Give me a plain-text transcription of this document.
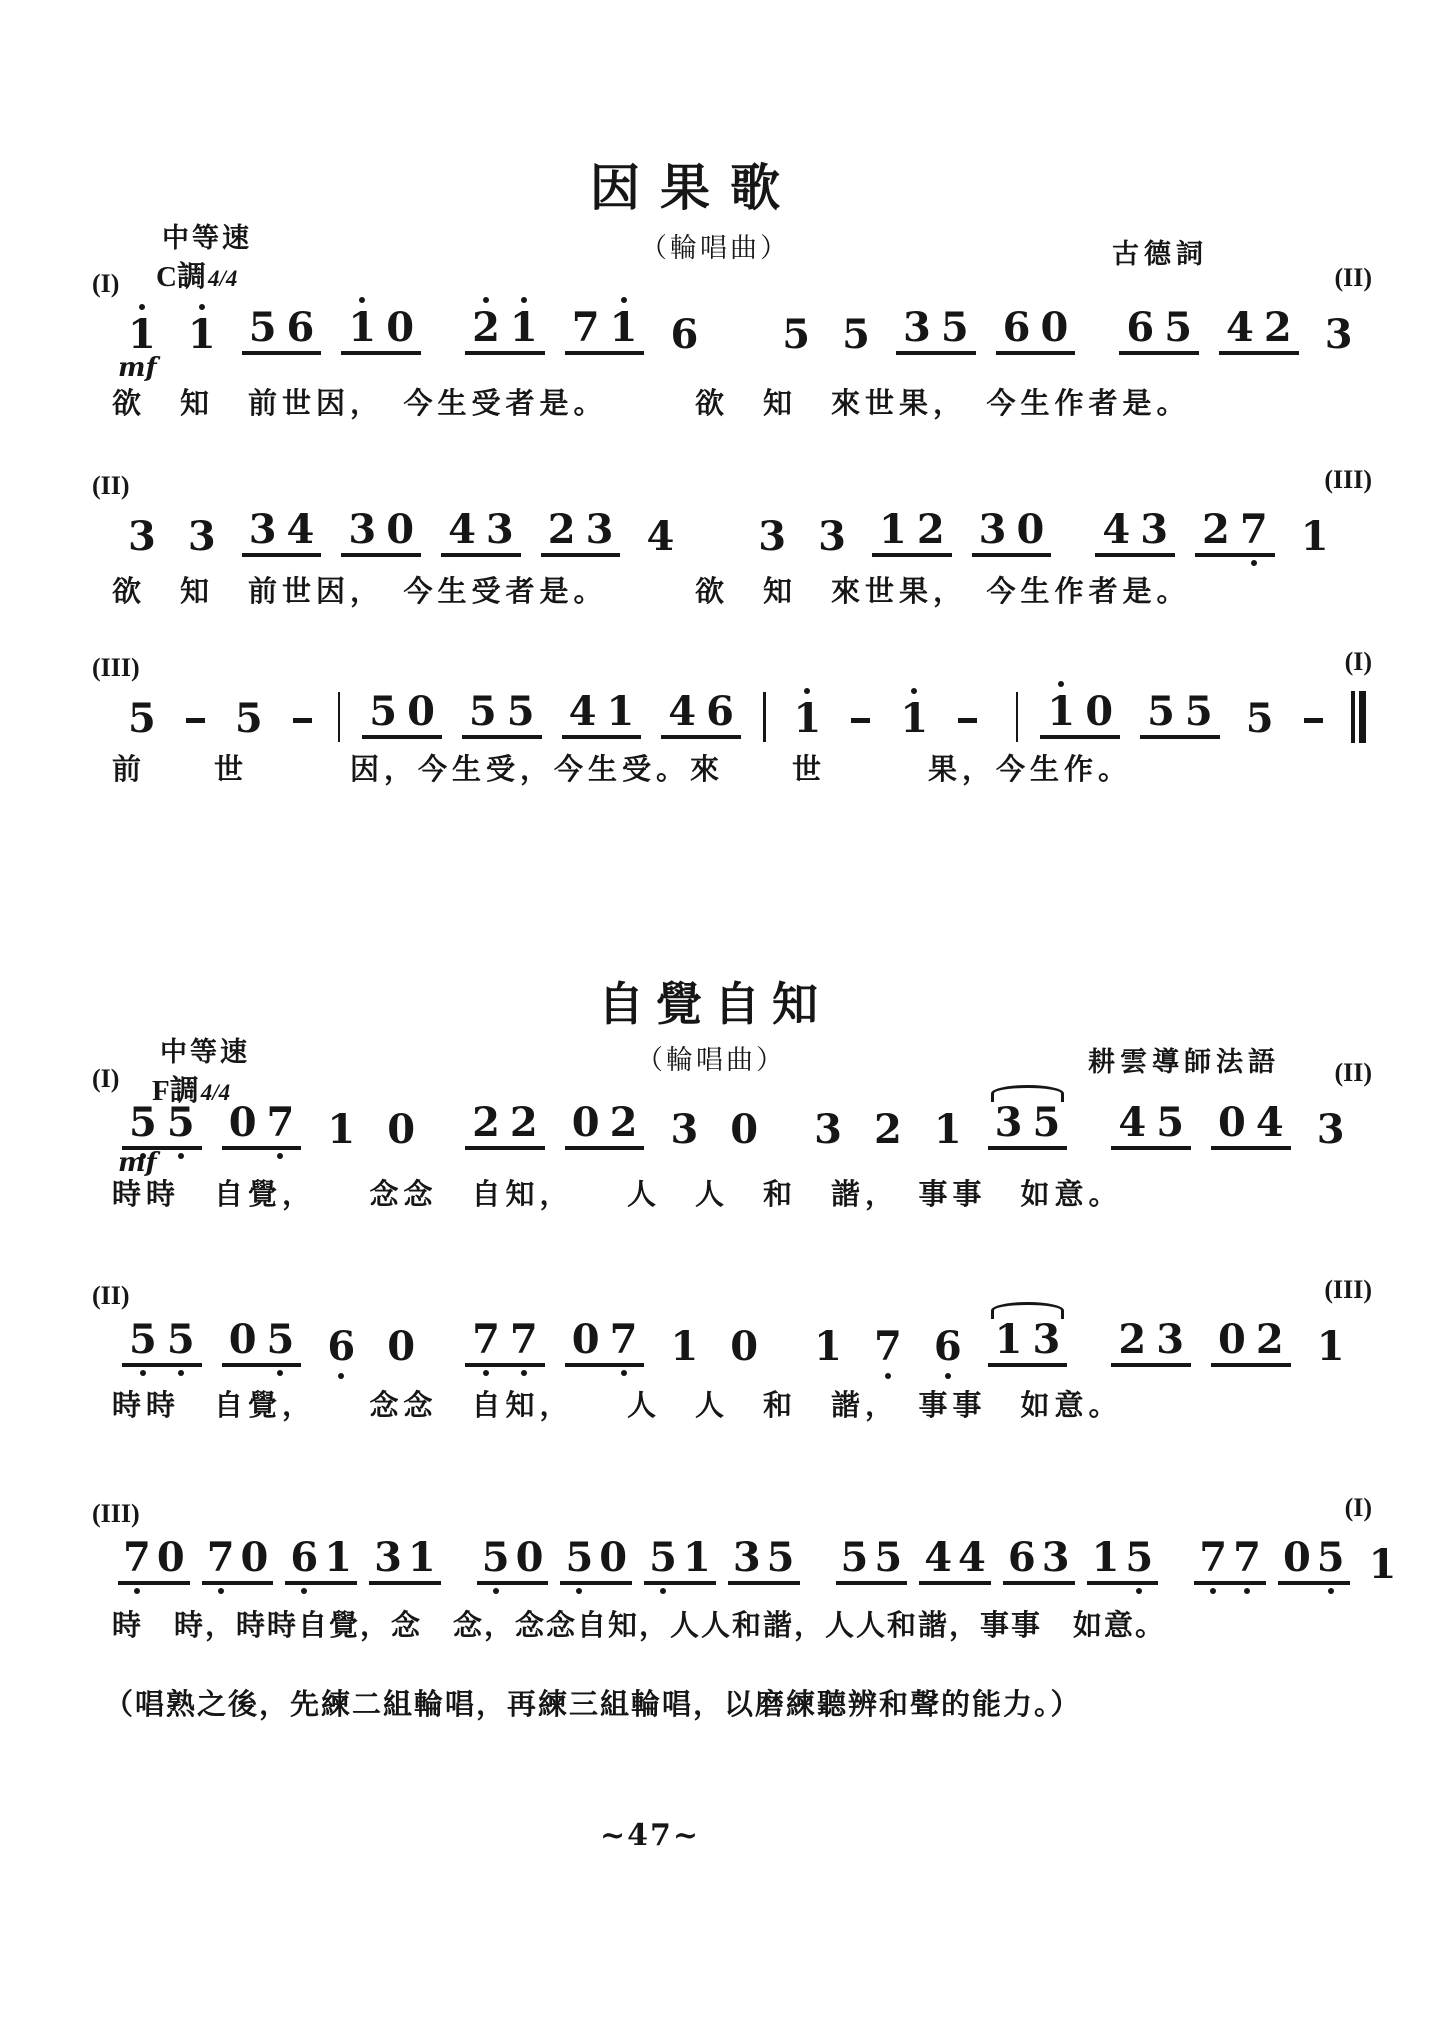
因果歌
（輪唱曲）	古德詞
中等速
C調4/4
(I)	(II)
1 1 5 6 1 0 2 1 7 1 6 5 5 3 5 6 0 6 5 4 2 3
mf
欲　知　前世因，　今生受者是。　　　欲　知　來世果，　今生作者是。
(II)	(III)
3 3 3 4 3 0 4 3 2 3 4 3 3 1 2 3 0 4 3 2 7 1
欲　知　前世因，　今生受者是。　　　欲　知　來世果，　今生作者是。
(III)	(I)
5 5	5 0 5 5 4 1 4 6 1 1	1 0 5 5 5
前　　世　　　因，今生受，今生受。來　　世　　　果，今生作。
自覺自知
（輪唱曲）	耕雲導師法語
中等速
F調4/4
(I)	(II)
5 5 0 7 1 0 2 2 0 2 3 0 3 2 1 3 5 4 5 0 4 3
mf
時時　自覺，　　念念　自知，　　人　人　和　諧，　事事　如意。
(II)	(III)
5 5 0 5 6 0 7 7 0 7 1 0 1 7 6 1 3 2 3 0 2 1
時時　自覺，　　念念　自知，　　人　人　和　諧，　事事　如意。
(III)	(I)
7 0 7 0 6 1 3 1 5 0 5 0 5 1 3 5 5 5 4 4 6 3 1 5 7 7 0 5 1
時　時，時時自覺，念　念，念念自知，人人和諧，人人和諧，事事　如意。
（唱熟之後，先練二組輪唱，再練三組輪唱，以磨練聽辨和聲的能力。）
~47~
